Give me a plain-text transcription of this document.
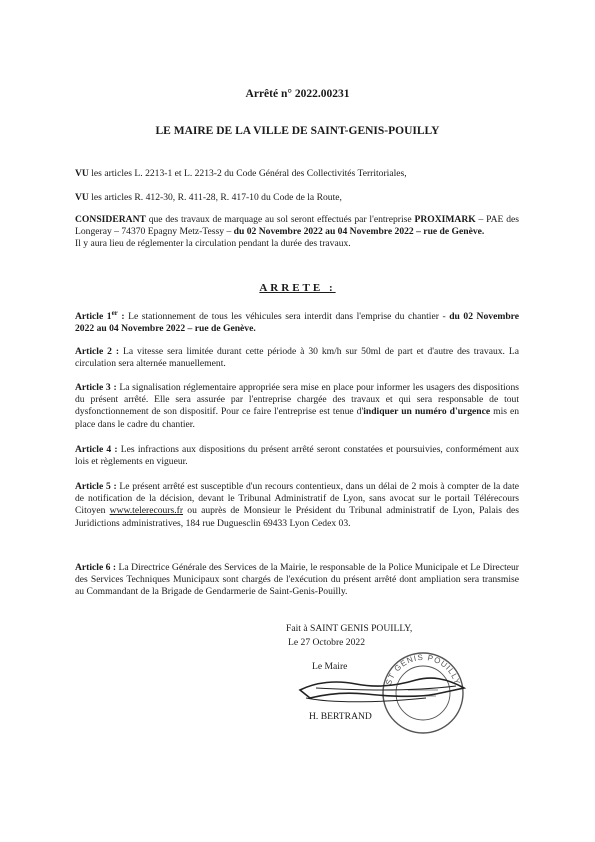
Arrêté n° 2022.00231
LE MAIRE DE LA VILLE DE SAINT-GENIS-POUILLY
VU les articles L. 2213-1 et L. 2213-2 du Code Général des Collectivités Territoriales,
VU les articles R. 412-30, R. 411-28, R. 417-10 du Code de la Route,
CONSIDERANT que des travaux de marquage au sol seront effectués par l'entreprise PROXIMARK – PAE des Longeray – 74370 Epagny Metz-Tessy – du 02 Novembre 2022 au 04 Novembre 2022 – rue de Genève.
Il y aura lieu de réglementer la circulation pendant la durée des travaux.
ARRETE :
Article 1er : Le stationnement de tous les véhicules sera interdit dans l'emprise du chantier - du 02 Novembre 2022 au 04 Novembre 2022 – rue de Genève.
Article 2 : La vitesse sera limitée durant cette période à 30 km/h sur 50ml de part et d'autre des travaux. La circulation sera alternée manuellement.
Article 3 : La signalisation réglementaire appropriée sera mise en place pour informer les usagers des dispositions du présent arrêté. Elle sera assurée par l'entreprise chargée des travaux et qui sera responsable de tout dysfonctionnement de son dispositif. Pour ce faire l'entreprise est tenue d'indiquer un numéro d'urgence mis en place dans le cadre du chantier.
Article 4 : Les infractions aux dispositions du présent arrêté seront constatées et poursuivies, conformément aux lois et règlements en vigueur.
Article 5 : Le présent arrêté est susceptible d'un recours contentieux, dans un délai de 2 mois à compter de la date de notification de la décision, devant le Tribunal Administratif de Lyon, sans avocat sur le portail Télérecours Citoyen www.telerecours.fr ou auprès de Monsieur le Président du Tribunal administratif de Lyon, Palais des Juridictions administratives, 184 rue Duguesclin 69433 Lyon Cedex 03.
Article 6 : La Directrice Générale des Services de la Mairie, le responsable de la Police Municipale et Le Directeur des Services Techniques Municipaux sont chargés de l'exécution du présent arrêté dont ampliation sera transmise au Commandant de la Brigade de Gendarmerie de Saint-Genis-Pouilly.
Fait à SAINT GENIS POUILLY,
Le 27 Octobre 2022
Le Maire
ST GENIS POUILLY
H. BERTRAND
